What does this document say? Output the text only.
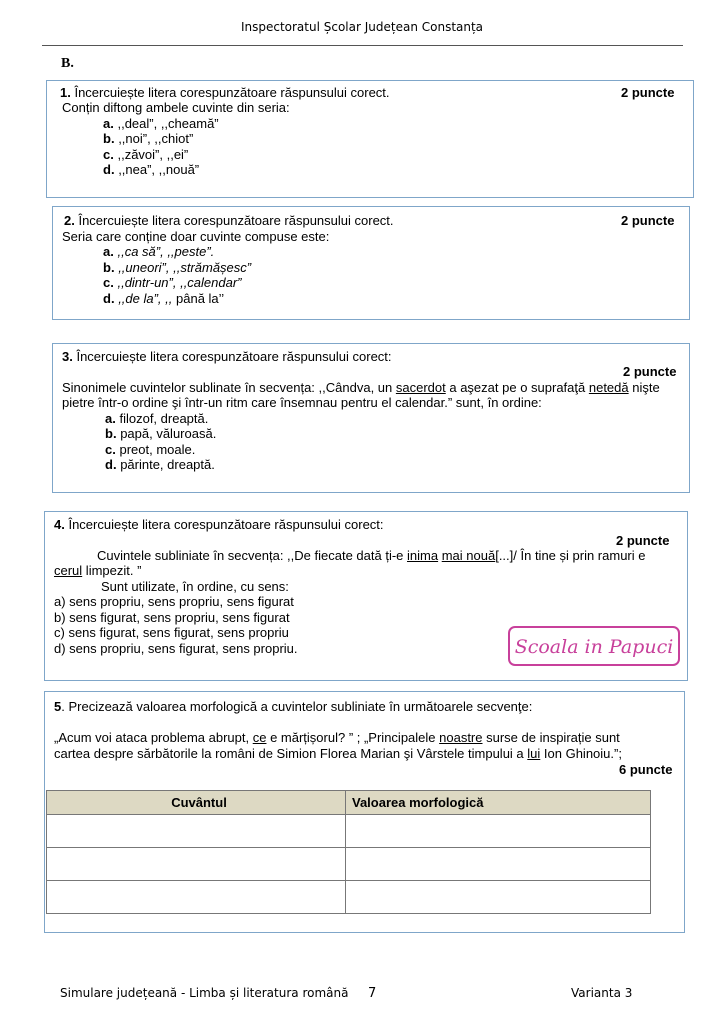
Inspectoratul Școlar Județean Constanța
B.
1. Încercuiește litera corespunzătoare răspunsului corect.	2 puncte
Conțin diftong ambele cuvinte din seria:
a. ,,deal”, ,,cheamă”
b. ,,noi”, ,,chiot”
c. ,,zăvoi”, ,,ei”
d. ,,nea”, ,,nouă”
2. Încercuiește litera corespunzătoare răspunsului corect.	2 puncte
Seria care conține doar cuvinte compuse este:
a. ,,ca să”, ,,peste”.
b. ,,uneori”, ,,strămășesc”
c. ,,dintr-un”, ,,calendar”
d. ,,de la”, ,, până la’’
3. Încercuiește litera corespunzătoare răspunsului corect:
2 puncte
Sinonimele cuvintelor sublinate în secvența: ,,Cândva, un sacerdot a aşezat pe o suprafaţă netedă nişte
pietre într-o ordine şi într-un ritm care însemnau pentru el calendar.” sunt, în ordine:
a. filozof, dreaptă.
b. papă, văluroasă.
c. preot, moale.
d. părinte, dreaptă.
4. Încercuiește litera corespunzătoare răspunsului corect:
2 puncte
Cuvintele subliniate în secvența: ,,De fiecate dată ți-e inima mai nouă[...]/ În tine și prin ramuri e
cerul limpezit. ”
Sunt utilizate, în ordine, cu sens:
a) sens propriu, sens propriu, sens figurat
b) sens figurat, sens propriu, sens figurat
c) sens figurat, sens figurat, sens propriu
d) sens propriu, sens figurat, sens propriu.	Scoala in Papuci
5. Precizează valoarea morfologică a cuvintelor subliniate în următoarele secvenţe:
„Acum voi ataca problema abrupt, ce e mărțișorul? ” ; „Principalele noastre surse de inspirație sunt
cartea despre sărbătorile la români de Simion Florea Marian şi Vârstele timpului a lui Ion Ghinoiu.”;
6 puncte
Cuvântul	Valoarea morfologică

Simulare județeană - Limba și literatura română 7	Varianta 3
